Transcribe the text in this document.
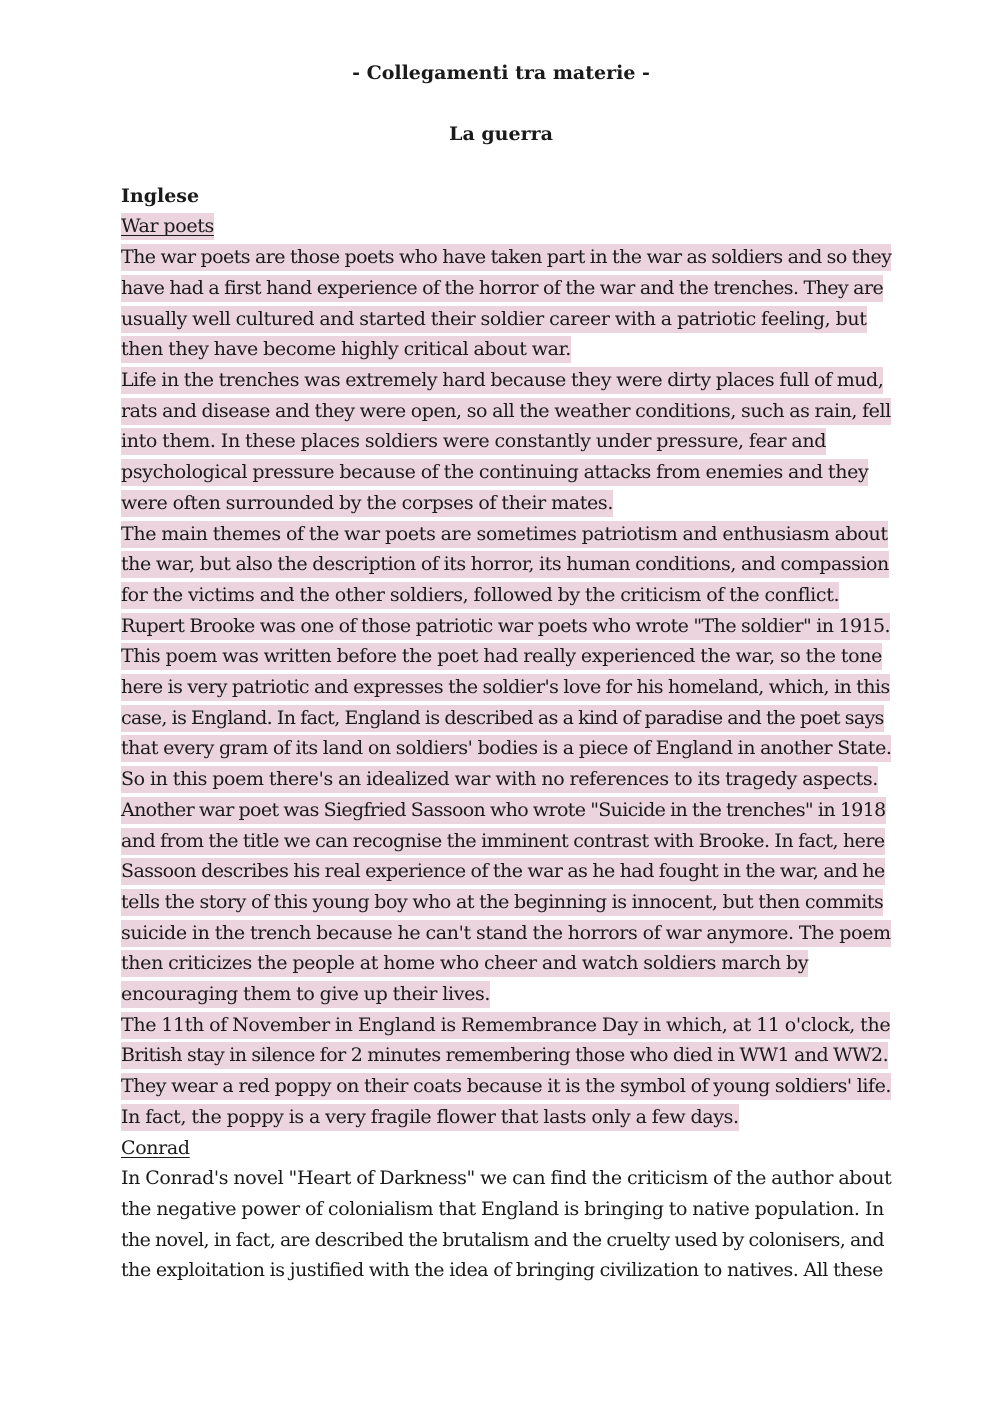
- Collegamenti tra materie -
La guerra
Inglese
War poets
The war poets are those poets who have taken part in the war as soldiers and so they
have had a first hand experience of the horror of the war and the trenches. They are
usually well cultured and started their soldier career with a patriotic feeling, but
then they have become highly critical about war.
Life in the trenches was extremely hard because they were dirty places full of mud,
rats and disease and they were open, so all the weather conditions, such as rain, fell
into them. In these places soldiers were constantly under pressure, fear and
psychological pressure because of the continuing attacks from enemies and they
were often surrounded by the corpses of their mates.
The main themes of the war poets are sometimes patriotism and enthusiasm about
the war, but also the description of its horror, its human conditions, and compassion
for the victims and the other soldiers, followed by the criticism of the conflict.
Rupert Brooke was one of those patriotic war poets who wrote "The soldier" in 1915.
This poem was written before the poet had really experienced the war, so the tone
here is very patriotic and expresses the soldier's love for his homeland, which, in this
case, is England. In fact, England is described as a kind of paradise and the poet says
that every gram of its land on soldiers' bodies is a piece of England in another State.
So in this poem there's an idealized war with no references to its tragedy aspects.
Another war poet was Siegfried Sassoon who wrote "Suicide in the trenches" in 1918
and from the title we can recognise the imminent contrast with Brooke. In fact, here
Sassoon describes his real experience of the war as he had fought in the war, and he
tells the story of this young boy who at the beginning is innocent, but then commits
suicide in the trench because he can't stand the horrors of war anymore. The poem
then criticizes the people at home who cheer and watch soldiers march by
encouraging them to give up their lives.
The 11th of November in England is Remembrance Day in which, at 11 o'clock, the
British stay in silence for 2 minutes remembering those who died in WW1 and WW2.
They wear a red poppy on their coats because it is the symbol of young soldiers' life.
In fact, the poppy is a very fragile flower that lasts only a few days.
Conrad
In Conrad's novel "Heart of Darkness" we can find the criticism of the author about
the negative power of colonialism that England is bringing to native population. In
the novel, in fact, are described the brutalism and the cruelty used by colonisers, and
the exploitation is justified with the idea of bringing civilization to natives. All these
